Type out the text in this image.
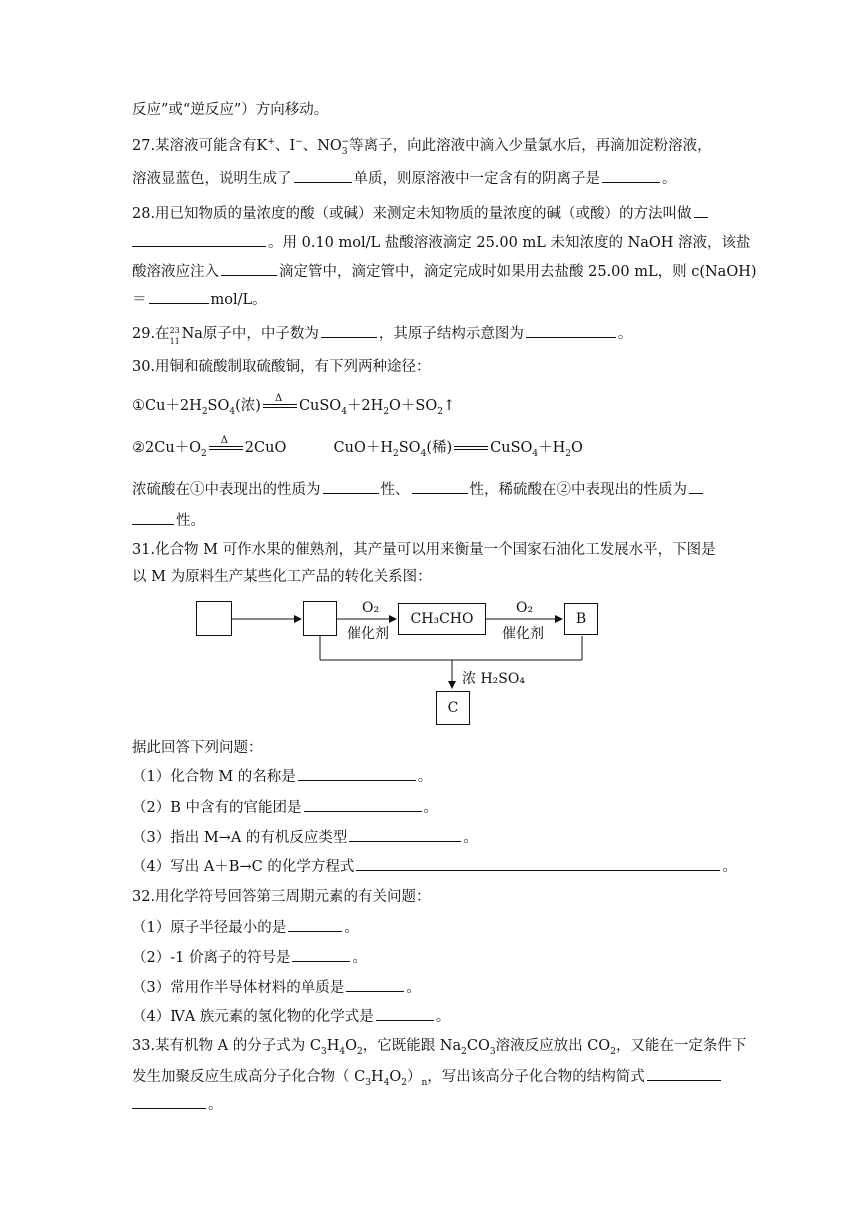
反应”或“逆反应”）方向移动。
27.某溶液可能含有K+、I−、$NO_3^-$等离子，向此溶液中滴入少量氯水后，再滴加淀粉溶液，
溶液显蓝色，说明生成了	单质，则原溶液中一定含有的阴离子是	。
28.用已知物质的量浓度的酸（或碱）来测定未知物质的量浓度的碱（或酸）的方法叫做
。用 0.10 mol/L 盐酸溶液滴定 25.00 mL 未知浓度的 NaOH 溶液，该盐
酸溶液应注入	滴定管中，滴定管中，滴定完成时如果用去盐酸 25.00 mL，则 c(NaOH)
＝	mol/L。
29.在 23
11 Na原子中，中子数为	，其原子结构示意图为	。
30.用铜和硫酸制取硫酸铜，有下列两种途径：
$①Cu+2H_2SO_4$(浓) Δ $CuSO_4+2H_2O+SO_2↑$
$②2Cu+O_2$
Δ 2CuO	$CuO+H_2SO_4$(稀)	$CuSO_4+H_2O$
浓硫酸在①中表现出的性质为	性、	性，稀硫酸在②中表现出的性质为
性。
31.化合物 M 可作水果的催熟剂，其产量可以用来衡量一个国家石油化工发展水平，下图是
以 M 为原料生产某些化工产品的转化关系图：
CH₃CHO	B
C
O₂
催化剂
O₂
催化剂
浓 H₂SO₄
据此回答下列问题：
（1）化合物 M 的名称是	。
（2）B 中含有的官能团是	。
（3）指出 M→A 的有机反应类型	。
（4）写出 A＋B→C 的化学方程式	。
32.用化学符号回答第三周期元素的有关问题：
（1）原子半径最小的是	。
（2）-1 价离子的符号是	。
（3）常用作半导体材料的单质是	。
（4）ⅣA 族元素的氢化物的化学式是	。
33.某有机物 A 的分子式为 $C_3H_4O_2$，它既能跟 $Na_2CO_3$溶液反应放出 $CO_2$，又能在一定条件下
发生加聚反应生成高分子化合物（ $C_3H_4O_2)_n$，写出该高分子化合物的结构简式
。
